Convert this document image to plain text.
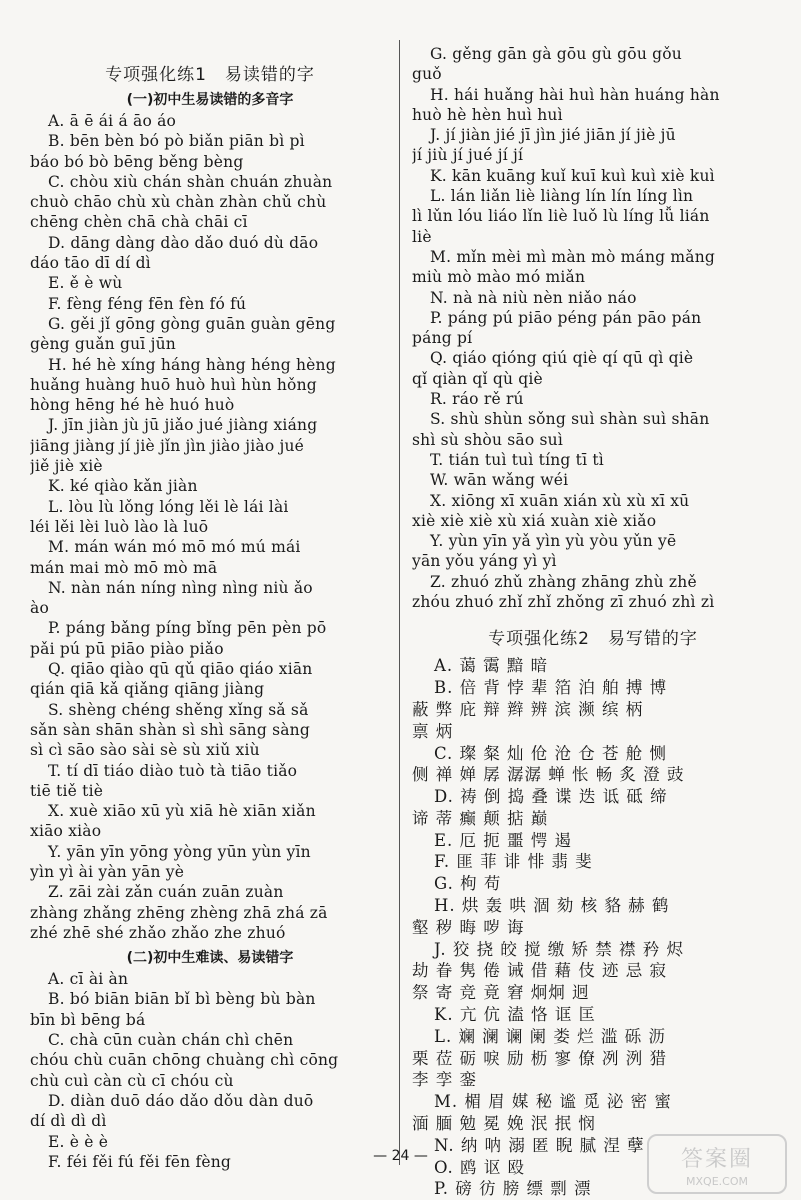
专项强化练1　易读错的字
(一)初中生易读错的多音字
A. ā ē ái á āo áo
B. bēn bèn bó pò biǎn piān bì pì
báo bó bò bēng běng bèng
C. chòu xiù chán shàn chuán zhuàn
chuò chāo chù xù chàn zhàn chǔ chù
chēng chèn chā chà chāi cī
D. dāng dàng dào dǎo duó dù dāo
dáo tāo dī dí dì
E. ě è wù
F. fèng féng fēn fèn fó fú
G. gěi jǐ gōng gòng guān guàn gēng
gèng guǎn guī jūn
H. hé hè xíng háng hàng héng hèng
huǎng huàng huō huò huì hùn hǒng
hòng hēng hé hè huó huò
J. jīn jiàn jù jū jiǎo jué jiàng xiáng
jiāng jiàng jí jiè jǐn jìn jiào jiào jué
jiě jiè xiè
K. ké qiào kǎn jiàn
L. lòu lù lǒng lóng lěi lè lái lài
léi lěi lèi luò lào là luō
M. mán wán mó mō mó mú mái
mán mai mò mō mò mā
N. nàn nán níng nìng nìng niù ǎo
ào
P. páng bǎng píng bǐng pēn pèn pō
pǎi pú pū piāo piào piǎo
Q. qiāo qiào qū qǔ qiāo qiáo xiān
qián qiā kǎ qiǎng qiāng jiàng
S. shèng chéng shěng xǐng sǎ sǎ
sǎn sàn shān shàn sì shì sāng sàng
sì cì sāo sào sài sè sù xiǔ xiù
T. tí dī tiáo diào tuò tà tiāo tiǎo
tiē tiě tiè
X. xuè xiāo xū yù xiā hè xiān xiǎn
xiāo xiào
Y. yān yīn yōng yòng yūn yùn yīn
yìn yì ài yàn yān yè
Z. zāi zài zǎn cuán zuān zuàn
zhàng zhǎng zhēng zhèng zhā zhá zā
zhé zhē shé zhǎo zhǎo zhe zhuó
(二)初中生难读、易读错字
A. cī ài àn
B. bó biān biān bǐ bì bèng bù bàn
bīn bì bēng bá
C. chà cūn cuàn chán chì chēn
chóu chù cuān chōng chuàng chì cōng
chù cuì càn cù cī chóu cù
D. diàn duō dáo dǎo dǒu dàn duō
dí dì dì dì
E. è è è
F. féi fěi fú fěi fēn fèng
G. gěng gān gà gōu gù gōu gǒu
guǒ
H. hái huǎng hài huì hàn huáng hàn
huò hè hèn huì huì
J. jí jiàn jié jī jìn jié jiān jí jiè jū
jí jiù jí jué jí jí
K. kān kuāng kuǐ kuī kuì kuì xiè kuì
L. lán liǎn liè liàng lín lín líng lìn
lì lǔn lóu liáo lǐn liè luǒ lù líng lǚ lián
liè
M. mǐn mèi mì màn mò máng mǎng
miù mò mào mó miǎn
N. nà nà niù nèn niǎo náo
P. páng pú piāo péng pán pāo pán
páng pí
Q. qiáo qióng qiú qiè qí qū qì qiè
qǐ qiàn qǐ qù qiè
R. ráo rě rú
S. shù shùn sǒng suì shàn suì shān
shì sù shòu sāo suì
T. tián tuì tuì tíng tī tì
W. wān wǎng wéi
X. xiōng xī xuān xián xù xù xī xū
xiè xiè xiè xù xiá xuàn xiè xiǎo
Y. yùn yīn yǎ yìn yù yòu yǔn yē
yān yǒu yáng yì yì
Z. zhuó zhǔ zhàng zhāng zhù zhě
zhóu zhuó zhǐ zhǐ zhǒng zī zhuó zhì zì
专项强化练2　易写错的字
A. 蔼 霭 黯 暗
B. 倍 背 悖 辈 箔 泊 舶 搏 博
蔽 弊 庇 辩 辫 辨 滨 濒 缤 柄
禀 炳
C. 璨 粲 灿 伧 沧 仓 苍 舱 恻
侧 禅 婵 孱 潺潺 蝉 怅 畅 炙 澄 豉
D. 祷 倒 捣 叠 谍 迭 诋 砥 缔
谛 蒂 癫 颠 掂 巅
E. 厄 扼 噩 愕 遏
F. 匪 菲 诽 悱 翡 斐
G. 枸 苟
H. 烘 轰 哄 涸 劾 核 貉 赫 鹤
壑 秽 晦 哕 诲
J. 狡 挠 皎 搅 缴 矫 禁 襟 矜 烬
劫 眷 隽 倦 诫 借 藉 伎 迹 忌 寂
祭 寄 竞 竟 窘 炯炯 迥
K. 亢 伉 溘 恪 诓 匡
L. 斓 澜 谰 阑 娄 烂 滥 砾 沥
栗 莅 砺 唳 励 枥 寥 僚 冽 洌 猎
李 孪 銮
M. 楣 眉 媒 秘 谧 觅 泌 密 蜜
湎 腼 勉 冕 娩 泯 抿 悯
N. 纳 呐 溺 匿 睨 腻 涅 孽
O. 鸥 讴 殴
P. 磅 彷 膀 缥 剽 漂
— 24 —	答案圈
MXQE.COM
